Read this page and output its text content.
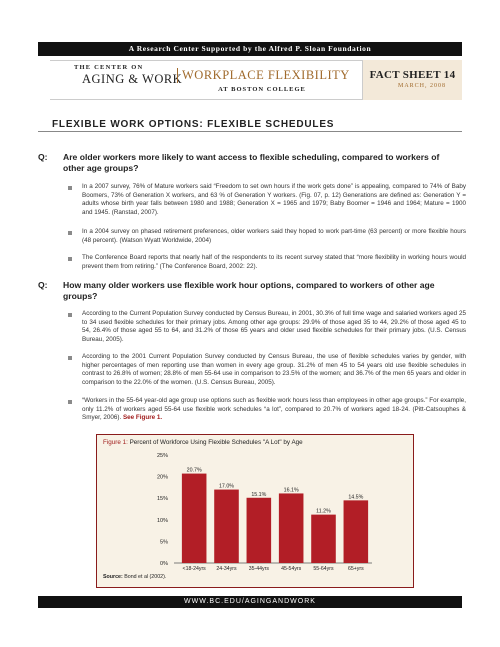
A Research Center Supported by the Alfred P. Sloan Foundation
THE CENTER ON
AGING & WORK WORKPLACE FLEXIBILITY
AT BOSTON COLLEGE
FACT SHEET 14
MARCH, 2008
FLEXIBLE WORK OPTIONS: FLEXIBLE SCHEDULES
Q: Are older workers more likely to want access to flexible scheduling, compared to workers of other age groups?
In a 2007 survey, 76% of Mature workers said “Freedom to set own hours if the work gets done” is appealing, compared to 74% of Baby Boomers, 73% of Generation X workers, and 63 % of Generation Y workers. (Fig. 07, p. 12) Generations are defined as: Generation Y = adults whose birth year falls between 1980 and 1988; Generation X = 1965 and 1979; Baby Boomer = 1946 and 1964; Mature = 1900 and 1945. (Ranstad, 2007).
In a 2004 survey on phased retirement preferences, older workers said they hoped to work part-time (63 percent) or more flexible hours (48 percent). (Watson Wyatt Worldwide, 2004)
The Conference Board reports that nearly half of the respondents to its recent survey stated that “more flexibility in working hours would prevent them from retiring.” (The Conference Board, 2002: 22).
Q: How many older workers use flexible work hour options, compared to workers of other age groups?
According to the Current Population Survey conducted by Census Bureau, in 2001, 30.3% of full time wage and salaried workers aged 25 to 34 used flexible schedules for their primary jobs. Among other age groups: 29.9% of those aged 35 to 44, 29.2% of those aged 45 to 54, 26.4% of those aged 55 to 64, and 31.2% of those 65 years and older used flexible schedules for their primary jobs. (U.S. Census Bureau, 2005).
According to the 2001 Current Population Survey conducted by Census Bureau, the use of flexible schedules varies by gender, with higher percentages of men reporting use than women in every age group. 31.2% of men 45 to 54 years old use flexible schedules in contrast to 26.8% of women; 28.8% of men 55-64 use in comparison to 23.5% of the women; and 36.7% of the men 65 years and older in comparison to the 22.0% of the women. (U.S. Census Bureau, 2005).
“Workers in the 55-64 year-old age group use options such as flexible work hours less than employees in other age groups.” For example, only 11.2% of workers aged 55-64 use flexible work schedules “a lot”, compared to 20.7% of workers aged 18-24. (Pitt-Catsouphes & Smyer, 2006). See Figure 1.
Figure 1: Percent of Workforce Using Flexible Schedules "A Lot" by Age
0%
5%
10%
15%
20%
25%
20.7%
<18-24yrs
17.0%
24-34yrs
15.1%
35-44yrs
16.1%
45-54yrs
11.2%
55-64yrs
14.5%
65+yrs
Source: Bond et al (2002).
WWW.BC.EDU/AGINGANDWORK
